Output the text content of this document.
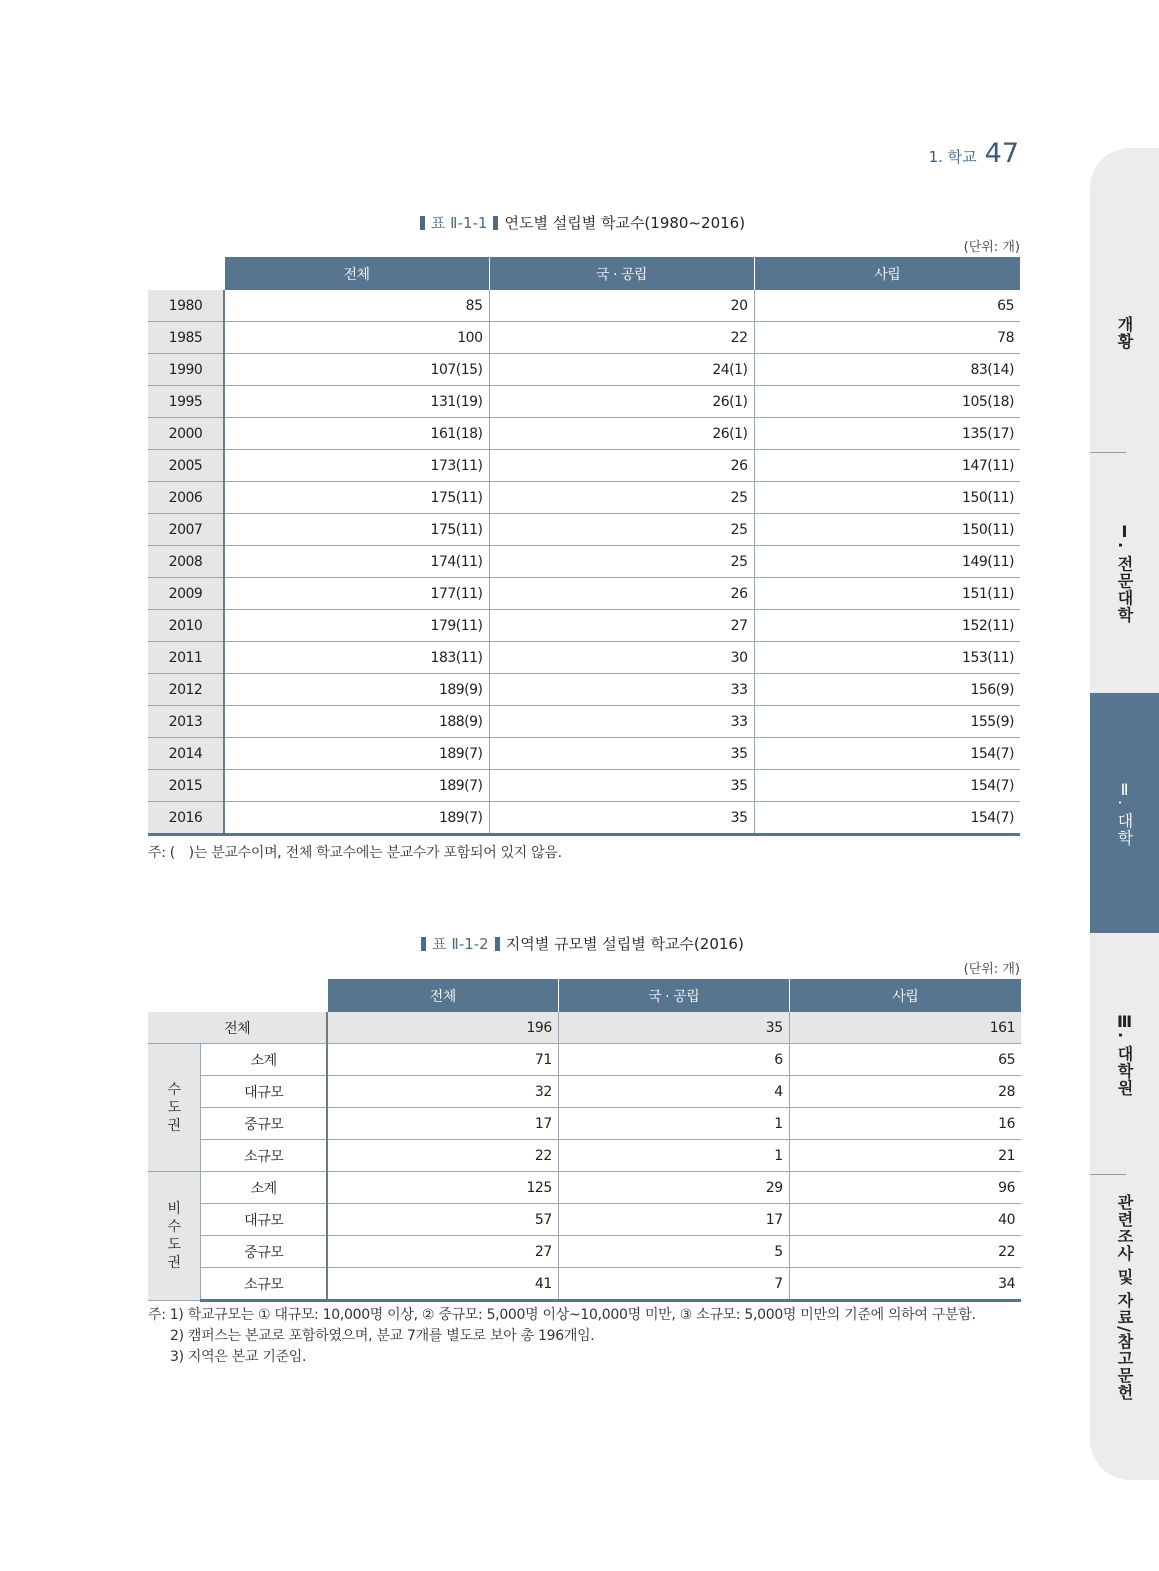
1. 학교 47
표 Ⅱ-1-1 연도별 설립별 학교수(1980~2016)
(단위: 개)
	전체	국 · 공립	사립
1980	85	20	65
1985	100	22	78
1990	107(15)	24(1)	83(14)
1995	131(19)	26(1)	105(18)
2000	161(18)	26(1)	135(17)
2005	173(11)	26	147(11)
2006	175(11)	25	150(11)
2007	175(11)	25	150(11)
2008	174(11)	25	149(11)
2009	177(11)	26	151(11)
2010	179(11)	27	152(11)
2011	183(11)	30	153(11)
2012	189(9)	33	156(9)
2013	188(9)	33	155(9)
2014	189(7)	35	154(7)
2015	189(7)	35	154(7)
2016	189(7)	35	154(7)
주: (　)는 분교수이며, 전체 학교수에는 분교수가 포함되어 있지 않음.
표 Ⅱ-1-2 지역별 규모별 설립별 학교수(2016)
(단위: 개)
		전체	국 · 공립	사립
전체		196	35	161
수도권	소계	71	6	65
	대규모	32	4	28
	중규모	17	1	16
	소규모	22	1	21
비수도권	소계	125	29	96
	대규모	57	17	40
	중규모	27	5	22
	소규모	41	7	34
주: 1) 학교규모는 ① 대규모: 10,000명 이상, ② 중규모: 5,000명 이상~10,000명 미만, ③ 소규모: 5,000명 미만의 기준에 의하여 구분함.
2) 캠퍼스는 본교로 포함하였으며, 분교 7개를 별도로 보아 총 196개임.
3) 지역은 본교 기준임.
개황
Ⅰ. 전문대학
Ⅱ. 대학
Ⅲ. 대학원
관련조사 및 자료/참고문헌
